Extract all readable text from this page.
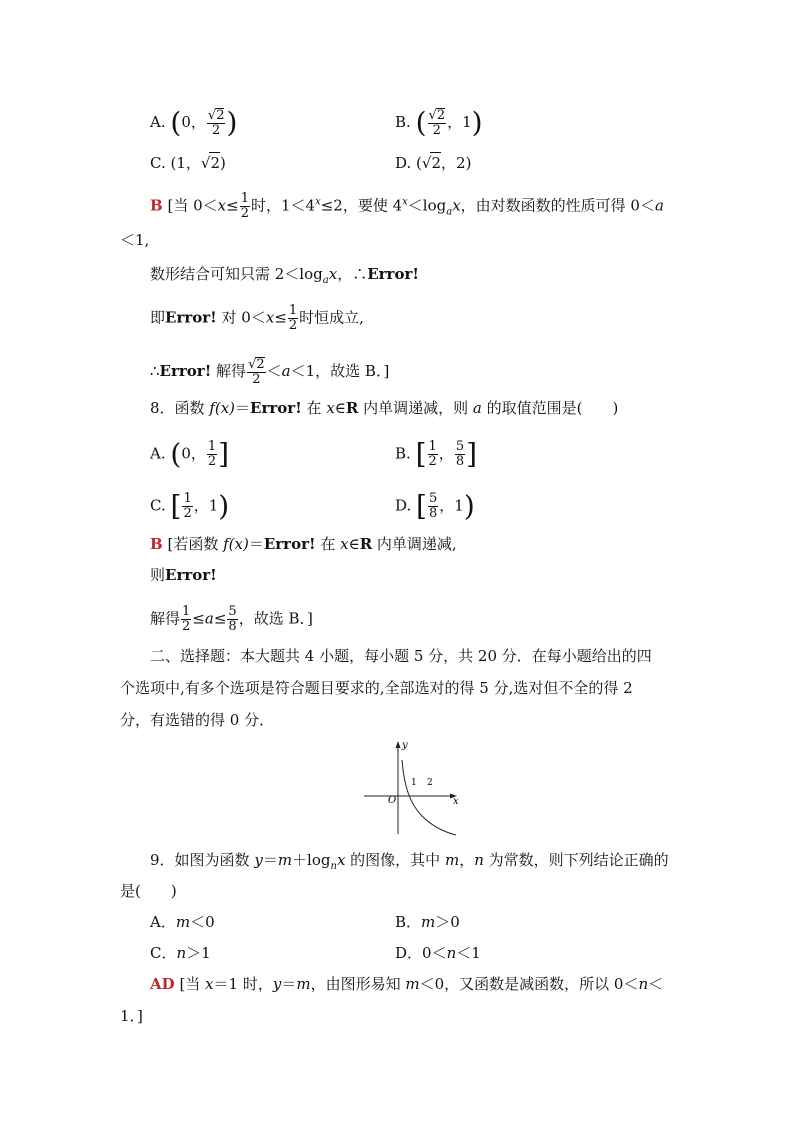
A. (0， $\frac{√2}{2}$ )	B. ( $\frac{√2}{2}$ ，1)
C. (1，√2)	D. (√2，2)
B [当 $0<x\le \frac{1}{2}$ 时，$1<4^x\le 2$，要使 $4^x<\log_ax$，由对数函数的性质可得 0＜a
＜1,
数形结合可知只需 $2<\log_ax$，∴Error!
即Error! 对 $0<x\le \frac{1}{2}$ 时恒成立,
∴Error! 解得 $\frac{√2}{2} <a<1$，故选 B．]
8．函数 f(x)＝Error! 在 x∈R 内单调递减，则 a 的取值范围是(　　)
A. (0， $\frac{1}{2}$ ]	B. [ $\frac{1}{2}$ ， $\frac{5}{8}$ ]
C. [ $\frac{1}{2}$ ，1)	D. [ $\frac{5}{8}$ ，1)
B [若函数 f(x)＝Error! 在 x∈R 内单调递减,
则Error!
解得 $\frac{1}{2} \le a\le \frac{5}{8}$ ，故选 B．]
二、选择题：本大题共 4 小题，每小题 5 分，共 20 分．在每小题给出的四
个选项中,有多个选项是符合题目要求的,全部选对的得 5 分,选对但不全的得 2
分，有选错的得 0 分．
y
x
O
1 2
9．如图为函数 $y=m+\log_nx$ 的图像，其中 m，n 为常数，则下列结论正确的
是(　　)
A．m＜0	B．m＞0
C．n＞1	D．0＜n＜1
AD [当 x＝1 时，y＝m，由图形易知 m＜0，又函数是减函数，所以 0＜n＜
1．]
